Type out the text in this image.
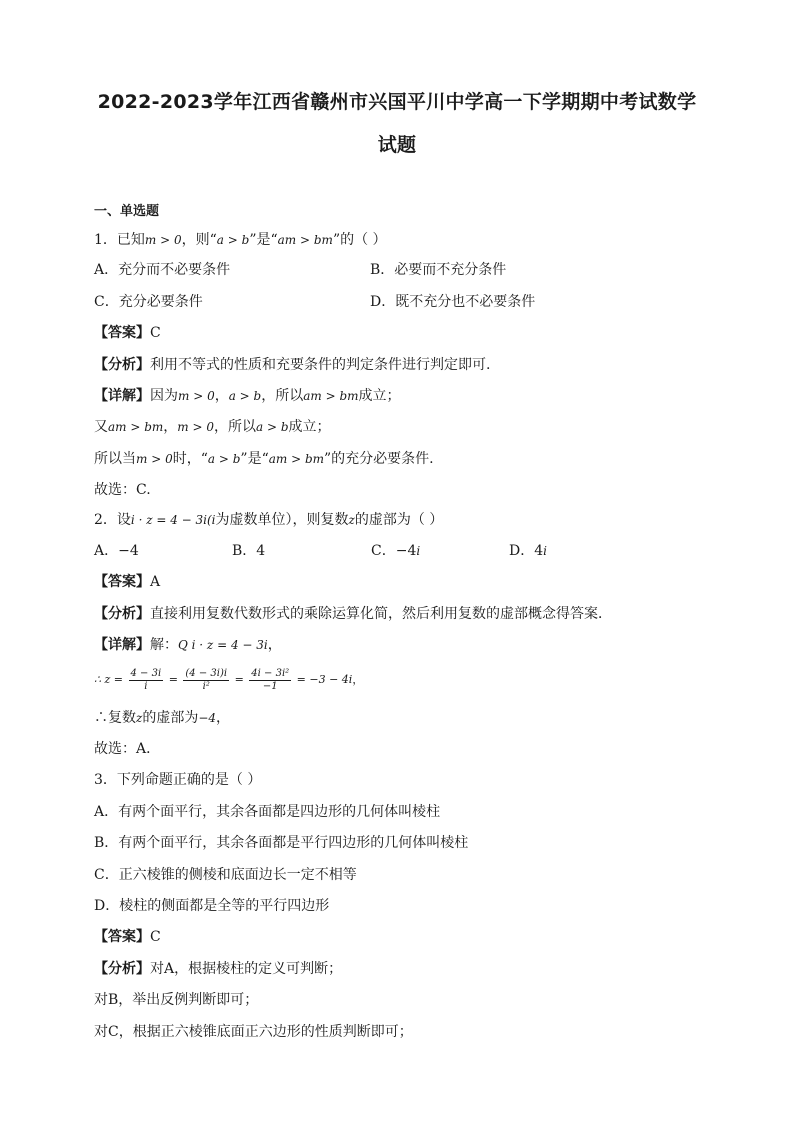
2022-2023学年江西省赣州市兴国平川中学高一下学期期中考试数学
试题
一、单选题
1．已知m > 0，则“a > b”是“am > bm”的（ ）
A．充分而不必要条件	B．必要而不充分条件
C．充分必要条件	D．既不充分也不必要条件
【答案】C
【分析】利用不等式的性质和充要条件的判定条件进行判定即可.
【详解】因为m > 0，a > b，所以am > bm成立；
又am > bm，m > 0，所以a > b成立；
所以当m > 0时，“a > b”是“am > bm”的充分必要条件.
故选：C.
2．设i · z = 4 − 3i(i为虚数单位），则复数z的虚部为（ ）
A．−4	B．4	C．−4i	D．4i
【答案】A
【分析】直接利用复数代数形式的乘除运算化简，然后利用复数的虚部概念得答案．
【详解】解：Q i · z = 4 − 3i，
∴ $z = \frac{4 - 3i}{i} = \frac{(4 - 3i)i}{\text{i²}} = \frac{\text{4i − 3i²}}{-1} = -3 - 4i$，
∴复数z的虚部为−4，
故选：A．
3．下列命题正确的是（ ）
A．有两个面平行，其余各面都是四边形的几何体叫棱柱
B．有两个面平行，其余各面都是平行四边形的几何体叫棱柱
C．正六棱锥的侧棱和底面边长一定不相等
D．棱柱的侧面都是全等的平行四边形
【答案】C
【分析】对A，根据棱柱的定义可判断；
对B，举出反例判断即可；
对C，根据正六棱锥底面正六边形的性质判断即可；
